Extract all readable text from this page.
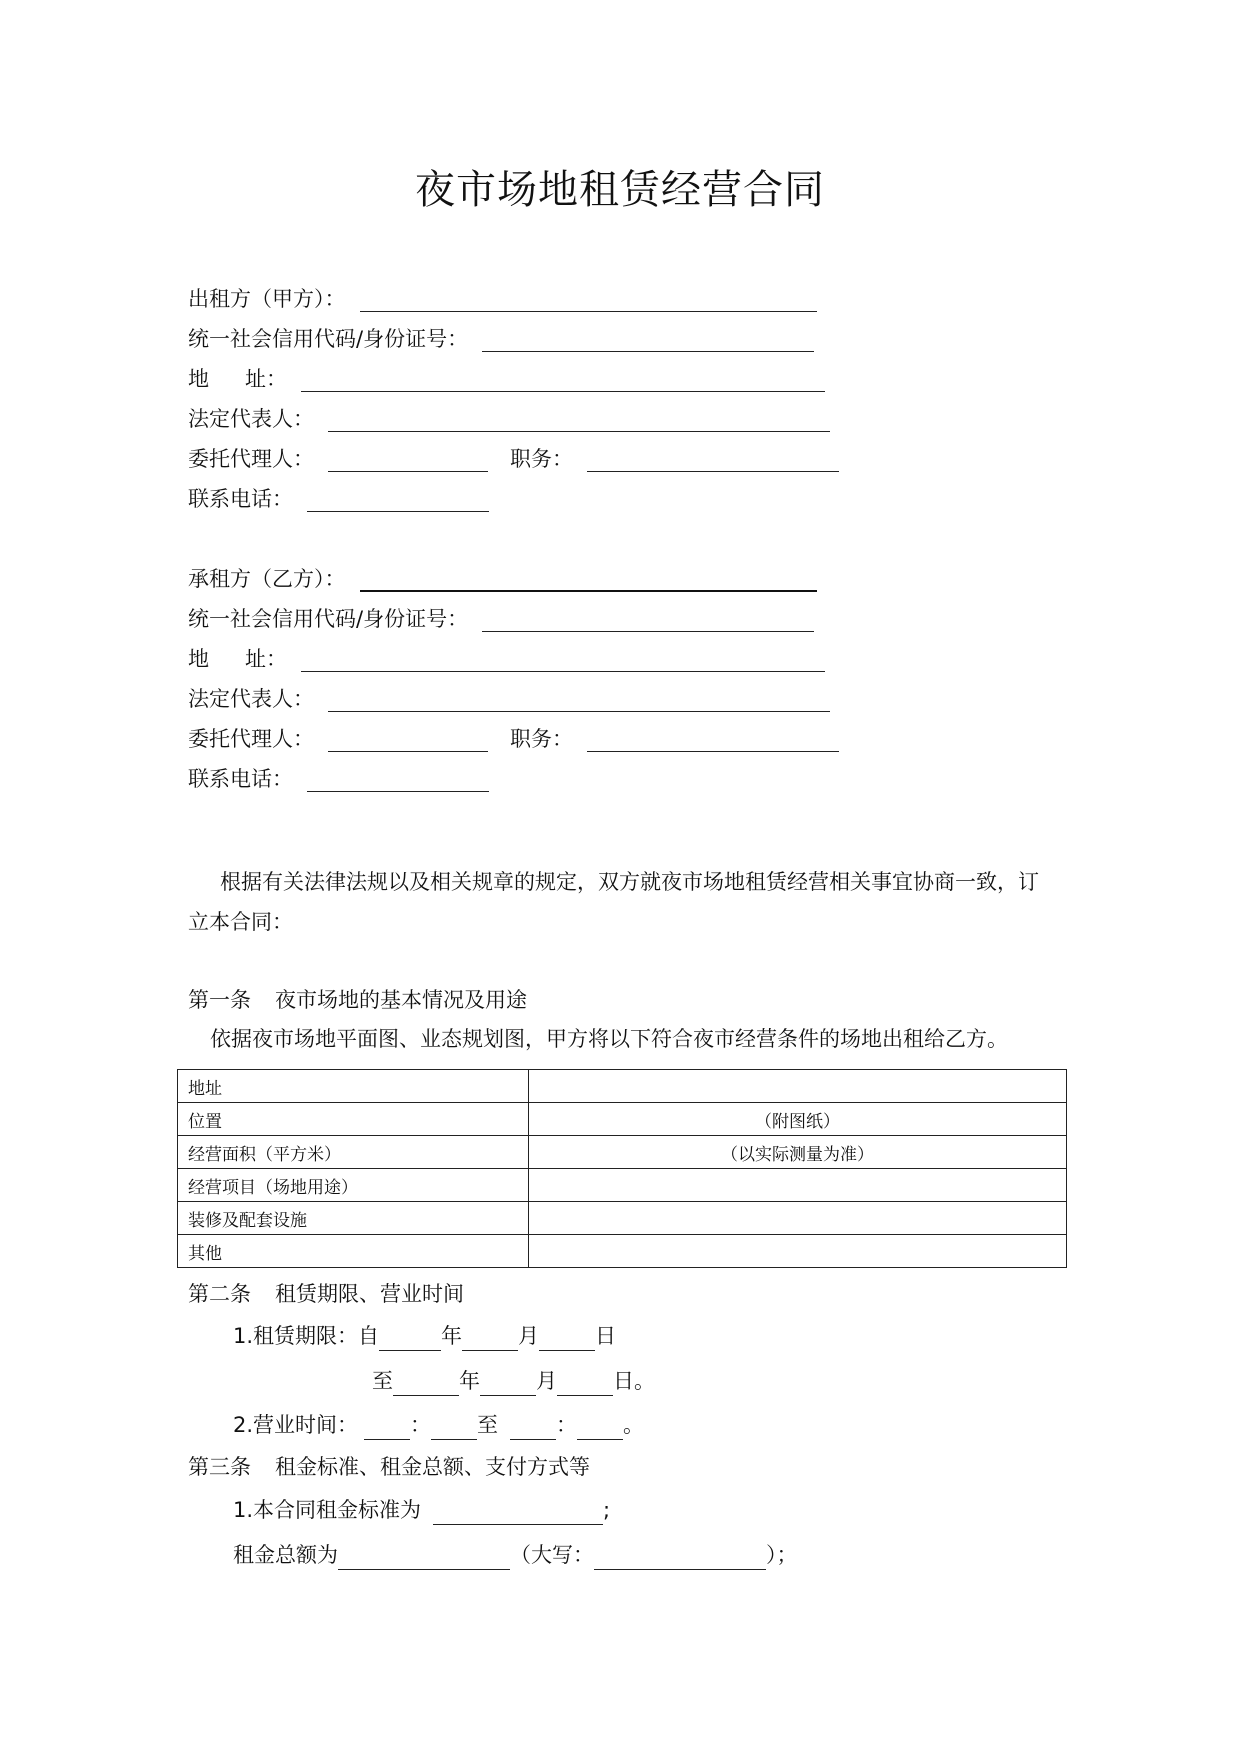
夜市场地租赁经营合同
出租方（甲方）：
统一社会信用代码/身份证号：
地 址：
法定代表人：
委托代理人：	职务：
联系电话：
承租方（乙方）：
统一社会信用代码/身份证号：
地 址：
法定代表人：
委托代理人：	职务：
联系电话：
根据有关法律法规以及相关规章的规定，双方就夜市场地租赁经营相关事宜协商一致，订立本合同：
第一条 夜市场地的基本情况及用途
依据夜市场地平面图、业态规划图，甲方将以下符合夜市经营条件的场地出租给乙方。
地址	
位置	（附图纸）
经营面积（平方米）	（以实际测量为准）
经营项目（场地用途）	
装修及配套设施	
其他	
第二条 租赁期限、营业时间
1.租赁期限：自	年	月	日
至	年	月	日。
2.营业时间： ： 至	： 。
第三条 租金标准、租金总额、支付方式等
1.本合同租金标准为	;
租金总额为	（大写：	）；
